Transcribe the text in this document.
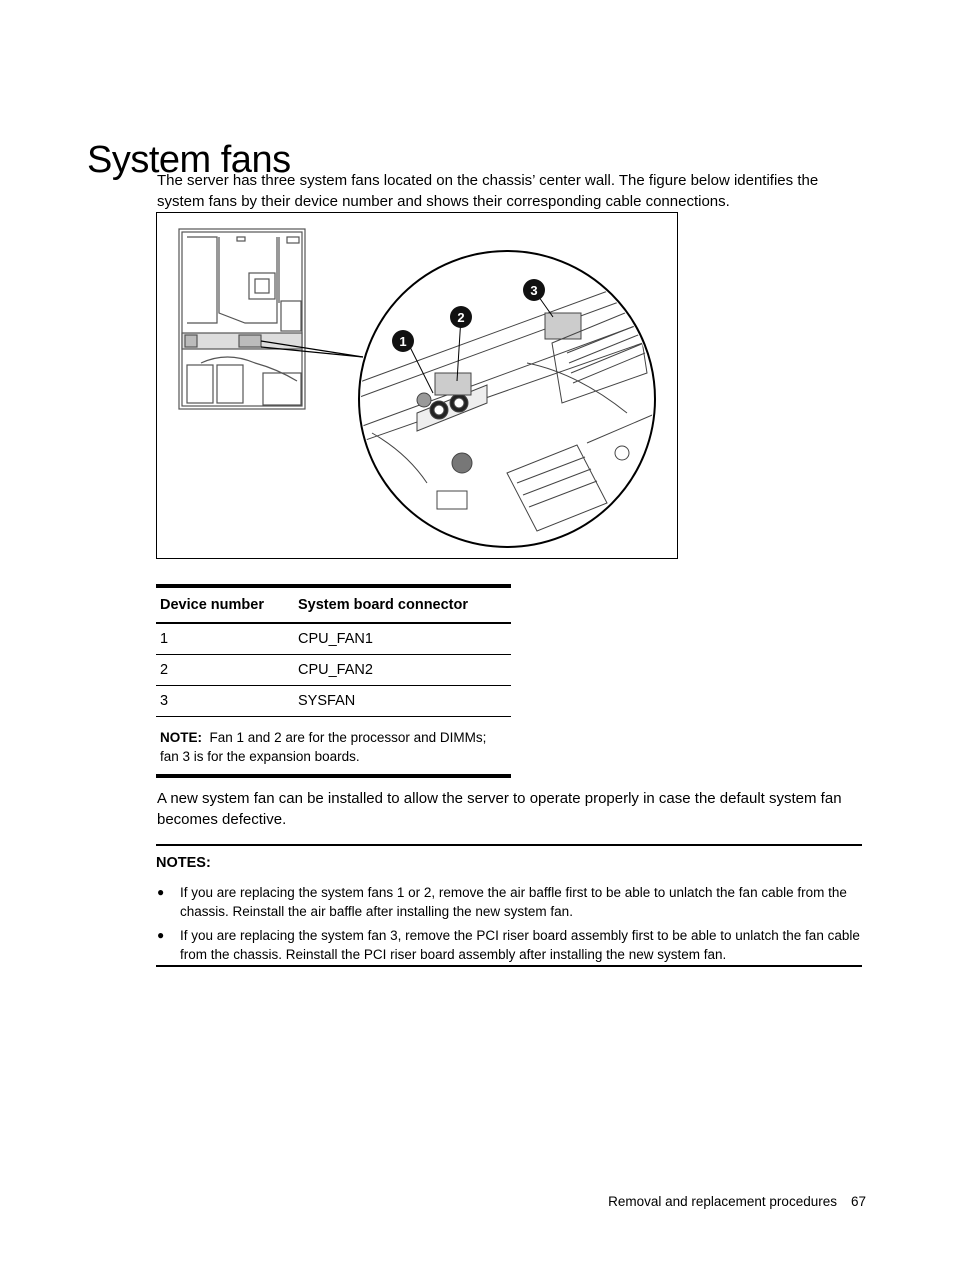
System fans

The server has three system fans located on the chassis’ center wall. The figure below identifies the system fans by their device number and shows their corresponding cable connections.

1
2
3
Device number	System board connector
1	CPU_FAN1
2	CPU_FAN2
3	SYSFAN
NOTE: Fan 1 and 2 are for the processor and DIMMs; fan 3 is for the expansion boards.

A new system fan can be installed to allow the server to operate properly in case the default system fan becomes defective.

NOTES:
● If you are replacing the system fans 1 or 2, remove the air baffle first to be able to unlatch the fan cable from the chassis. Reinstall the air baffle after installing the new system fan.
● If you are replacing the system fan 3, remove the PCI riser board assembly first to be able to unlatch the fan cable from the chassis. Reinstall the PCI riser board assembly after installing the new system fan.
Removal and replacement procedures 67
